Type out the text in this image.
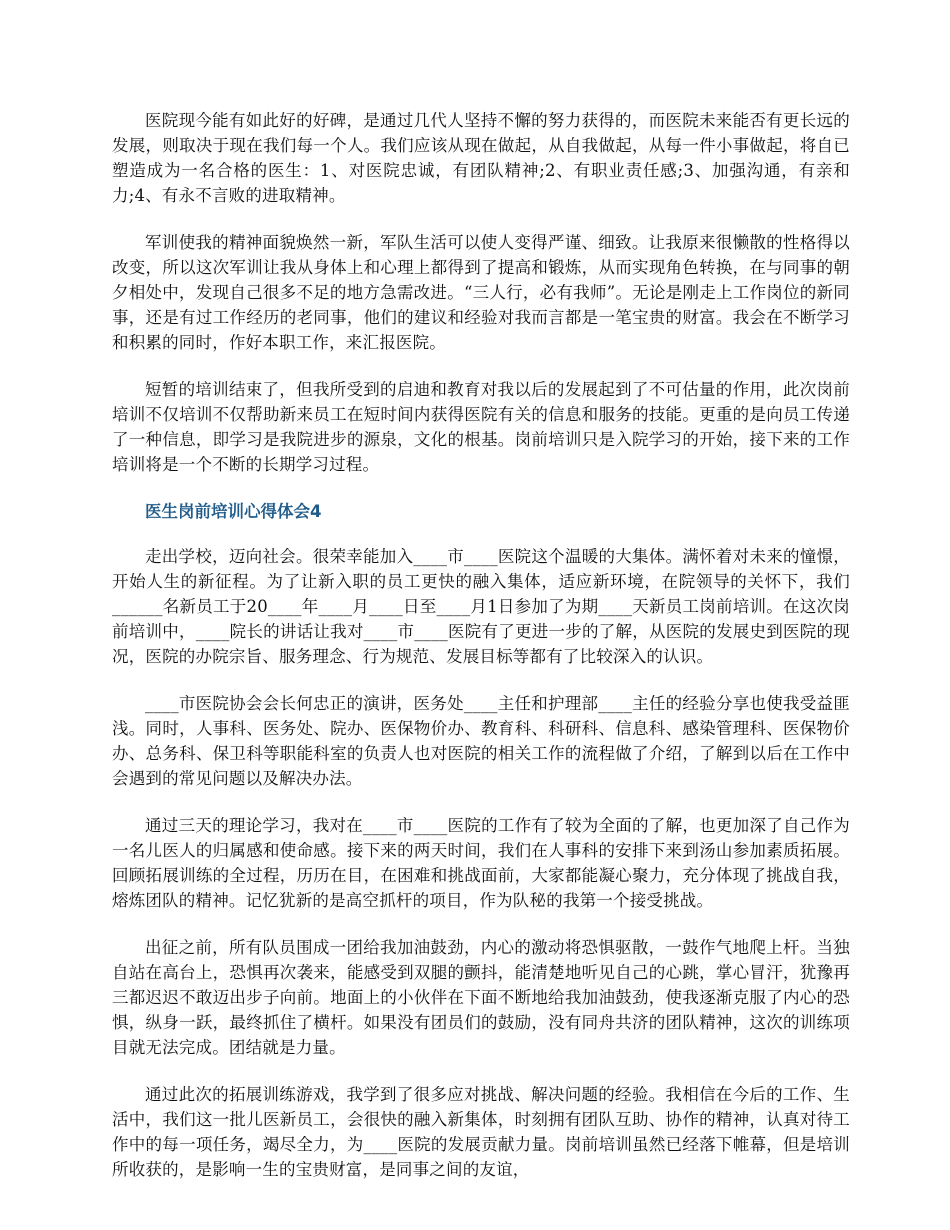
医院现今能有如此好的好碑，是通过几代人坚持不懈的努力获得的，而医院未来能否有更长远的发展，则取决于现在我们每一个人。我们应该从现在做起，从自我做起，从每一件小事做起，将自已塑造成为一名合格的医生：1、对医院忠诚，有团队精神;2、有职业责任感;3、加强沟通，有亲和力;4、有永不言败的进取精神。

军训使我的精神面貌焕然一新，军队生活可以使人变得严谨、细致。让我原来很懒散的性格得以改变，所以这次军训让我从身体上和心理上都得到了提高和锻炼，从而实现角色转换，在与同事的朝夕相处中，发现自己很多不足的地方急需改进。“三人行，必有我师”。无论是刚走上工作岗位的新同事，还是有过工作经历的老同事，他们的建议和经验对我而言都是一笔宝贵的财富。我会在不断学习和积累的同时，作好本职工作，来汇报医院。

短暂的培训结束了，但我所受到的启迪和教育对我以后的发展起到了不可估量的作用，此次岗前培训不仅培训不仅帮助新来员工在短时间内获得医院有关的信息和服务的技能。更重的是向员工传递了一种信息，即学习是我院进步的源泉，文化的根基。岗前培训只是入院学习的开始，接下来的工作培训将是一个不断的长期学习过程。

医生岗前培训心得体会4

走出学校，迈向社会。很荣幸能加入____市____医院这个温暖的大集体。满怀着对未来的憧憬，开始人生的新征程。为了让新入职的员工更快的融入集体，适应新环境，在院领导的关怀下，我们______名新员工于20____年____月____日至____月1日参加了为期____天新员工岗前培训。在这次岗前培训中，____院长的讲话让我对____市____医院有了更进一步的了解，从医院的发展史到医院的现况，医院的办院宗旨、服务理念、行为规范、发展目标等都有了比较深入的认识。

____市医院协会会长何忠正的演讲，医务处____主任和护理部____主任的经验分享也使我受益匪浅。同时，人事科、医务处、院办、医保物价办、教育科、科研科、信息科、感染管理科、医保物价办、总务科、保卫科等职能科室的负责人也对医院的相关工作的流程做了介绍，了解到以后在工作中会遇到的常见问题以及解决办法。

通过三天的理论学习，我对在____市____医院的工作有了较为全面的了解，也更加深了自己作为一名儿医人的归属感和使命感。接下来的两天时间，我们在人事科的安排下来到汤山参加素质拓展。回顾拓展训练的全过程，历历在目，在困难和挑战面前，大家都能凝心聚力，充分体现了挑战自我，熔炼团队的精神。记忆犹新的是高空抓杆的项目，作为队秘的我第一个接受挑战。

出征之前，所有队员围成一团给我加油鼓劲，内心的激动将恐惧驱散，一鼓作气地爬上杆。当独自站在高台上，恐惧再次袭来，能感受到双腿的颤抖，能清楚地听见自己的心跳，掌心冒汗，犹豫再三都迟迟不敢迈出步子向前。地面上的小伙伴在下面不断地给我加油鼓劲，使我逐渐克服了内心的恐惧，纵身一跃，最终抓住了横杆。如果没有团员们的鼓励，没有同舟共济的团队精神，这次的训练项目就无法完成。团结就是力量。

通过此次的拓展训练游戏，我学到了很多应对挑战、解决问题的经验。我相信在今后的工作、生活中，我们这一批儿医新员工，会很快的融入新集体，时刻拥有团队互助、协作的精神，认真对待工作中的每一项任务，竭尽全力，为____医院的发展贡献力量。岗前培训虽然已经落下帷幕，但是培训所收获的，是影响一生的宝贵财富，是同事之间的友谊，
